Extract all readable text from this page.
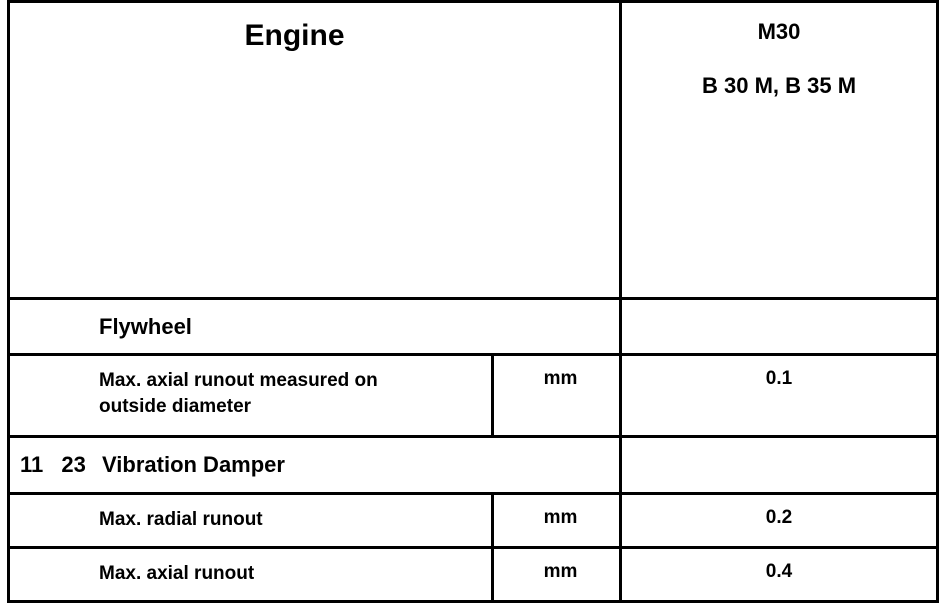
Engine		M30
B 30 M, B 35 M

Flywheel		

Max. axial runout measured on
outside diameter	mm	0.1
11 23 Vibration Damper		
Max. radial runout	mm	0.2
Max. axial runout	mm	0.4
